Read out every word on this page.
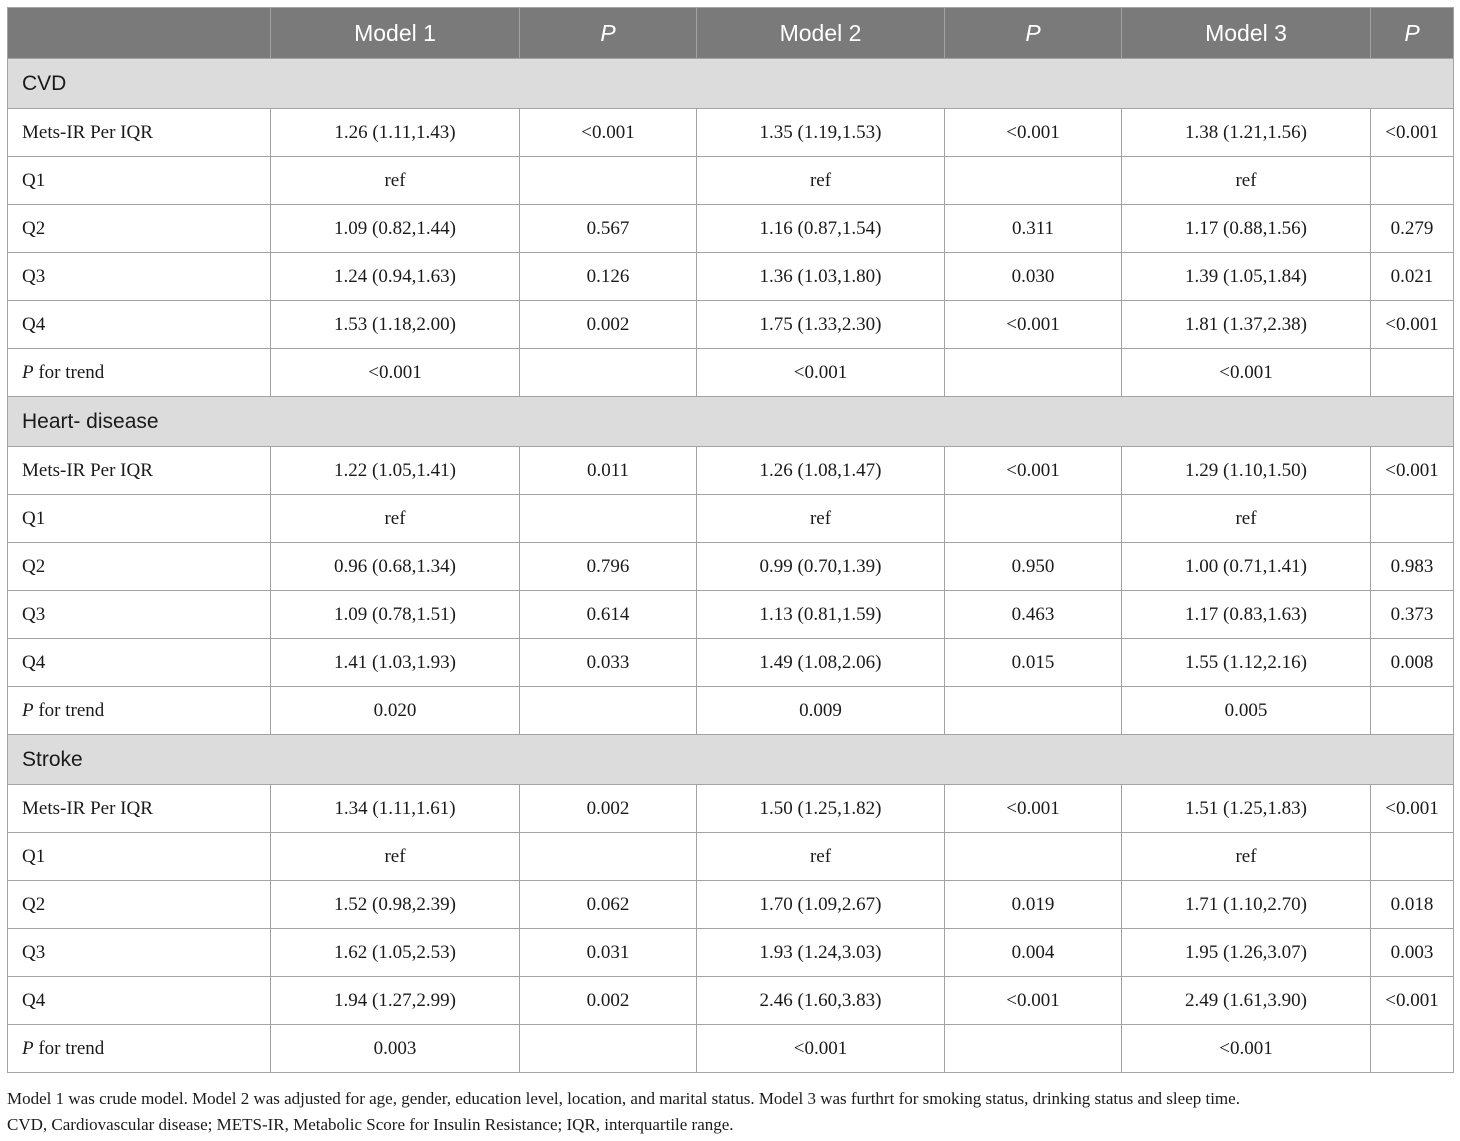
	Model 1	P	Model 2	P	Model 3	P
CVD						
Mets-IR Per IQR	1.26 (1.11,1.43)	<0.001	1.35 (1.19,1.53)	<0.001	1.38 (1.21,1.56)	<0.001
Q1	ref		ref		ref	
Q2	1.09 (0.82,1.44)	0.567	1.16 (0.87,1.54)	0.311	1.17 (0.88,1.56)	0.279
Q3	1.24 (0.94,1.63)	0.126	1.36 (1.03,1.80)	0.030	1.39 (1.05,1.84)	0.021
Q4	1.53 (1.18,2.00)	0.002	1.75 (1.33,2.30)	<0.001	1.81 (1.37,2.38)	<0.001
P for trend	<0.001		<0.001		<0.001	
Heart- disease						
Mets-IR Per IQR	1.22 (1.05,1.41)	0.011	1.26 (1.08,1.47)	<0.001	1.29 (1.10,1.50)	<0.001
Q1	ref		ref		ref	
Q2	0.96 (0.68,1.34)	0.796	0.99 (0.70,1.39)	0.950	1.00 (0.71,1.41)	0.983
Q3	1.09 (0.78,1.51)	0.614	1.13 (0.81,1.59)	0.463	1.17 (0.83,1.63)	0.373
Q4	1.41 (1.03,1.93)	0.033	1.49 (1.08,2.06)	0.015	1.55 (1.12,2.16)	0.008
P for trend	0.020		0.009		0.005	
Stroke						
Mets-IR Per IQR	1.34 (1.11,1.61)	0.002	1.50 (1.25,1.82)	<0.001	1.51 (1.25,1.83)	<0.001
Q1	ref		ref		ref	
Q2	1.52 (0.98,2.39)	0.062	1.70 (1.09,2.67)	0.019	1.71 (1.10,2.70)	0.018
Q3	1.62 (1.05,2.53)	0.031	1.93 (1.24,3.03)	0.004	1.95 (1.26,3.07)	0.003
Q4	1.94 (1.27,2.99)	0.002	2.46 (1.60,3.83)	<0.001	2.49 (1.61,3.90)	<0.001
P for trend	0.003		<0.001		<0.001	

Model 1 was crude model. Model 2 was adjusted for age, gender, education level, location, and marital status. Model 3 was furthrt for smoking status, drinking status and sleep time.

CVD, Cardiovascular disease; METS-IR, Metabolic Score for Insulin Resistance; IQR, interquartile range.
